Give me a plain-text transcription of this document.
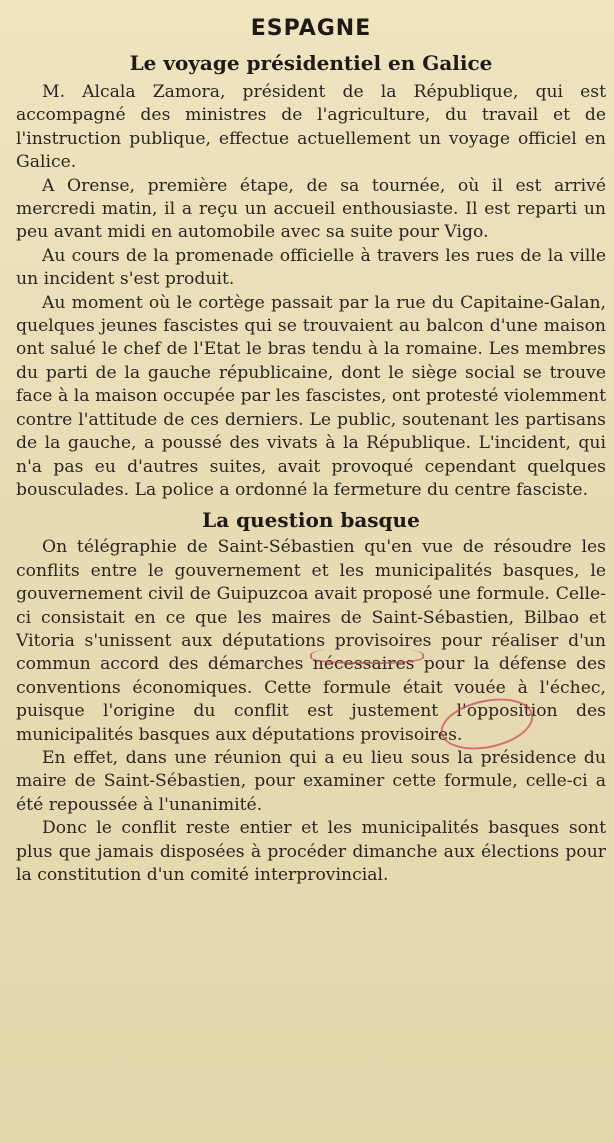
ESPAGNE
Le voyage présidentiel en Galice

M. Alcala Zamora, président de la République, qui est accompagné des ministres de l'agriculture, du travail et de l'instruction publique, effectue actuellement un voyage officiel en Galice.

A Orense, première étape, de sa tournée, où il est arrivé mercredi matin, il a reçu un accueil enthousiaste. Il est reparti un peu avant midi en automobile avec sa suite pour Vigo.

Au cours de la promenade officielle à travers les rues de la ville un incident s'est produit.

Au moment où le cortège passait par la rue du Capitaine-Galan, quelques jeunes fascistes qui se trouvaient au balcon d'une maison ont salué le chef de l'Etat le bras tendu à la romaine. Les membres du parti de la gauche républicaine, dont le siège social se trouve face à la maison occupée par les fascistes, ont protesté violemment contre l'attitude de ces derniers. Le public, soutenant les partisans de la gauche, a poussé des vivats à la République. L'incident, qui n'a pas eu d'autres suites, avait provoqué cependant quelques bousculades. La police a ordonné la fermeture du centre fasciste.

La question basque

On télégraphie de Saint-Sébastien qu'en vue de résoudre les conflits entre le gouvernement et les municipalités basques, le gouvernement civil de Guipuzcoa avait proposé une formule. Celle-ci consistait en ce que les maires de Saint-Sébastien, Bilbao et Vitoria s'unissent aux députations provisoires pour réaliser d'un commun accord des démarches nécessaires pour la défense des conventions économiques. Cette formule était vouée à l'échec, puisque l'origine du conflit est justement l'opposition des municipalités basques aux députations provisoires.

En effet, dans une réunion qui a eu lieu sous la présidence du maire de Saint-Sébastien, pour examiner cette formule, celle-ci a été repoussée à l'unanimité.

Donc le conflit reste entier et les municipalités basques sont plus que jamais disposées à procéder dimanche aux élections pour la constitution d'un comité interprovincial.
